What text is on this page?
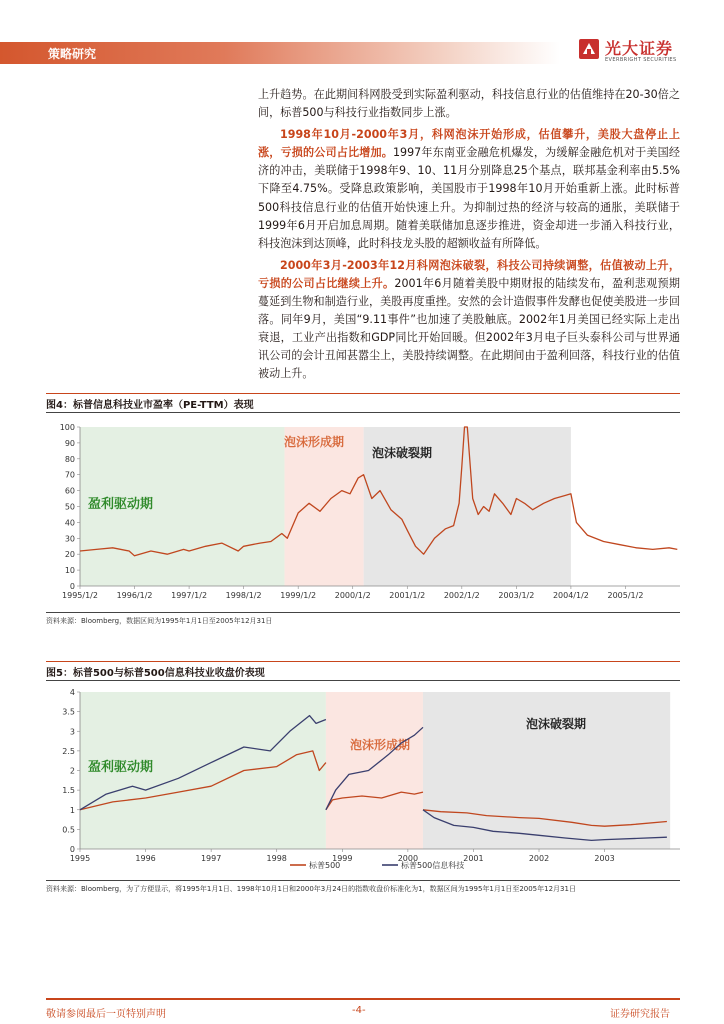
策略研究	光大证券
EVERBRIGHT SECURITIES

上升趋势。在此期间科网股受到实际盈利驱动，科技信息行业的估值维持在20-30倍之间，标普500与科技行业指数同步上涨。

1998年10月-2000年3月，科网泡沫开始形成，估值攀升，美股大盘停止上涨，亏损的公司占比增加。1997年东南亚金融危机爆发，为缓解金融危机对于美国经济的冲击，美联储于1998年9、10、11月分别降息25个基点，联邦基金利率由5.5%下降至4.75%。受降息政策影响，美国股市于1998年10月开始重新上涨。此时标普500科技信息行业的估值开始快速上升。为抑制过热的经济与较高的通胀，美联储于1999年6月开启加息周期。随着美联储加息逐步推进，资金却进一步涌入科技行业，科技泡沫到达顶峰，此时科技龙头股的超额收益有所降低。

2000年3月-2003年12月科网泡沫破裂，科技公司持续调整，估值被动上升，亏损的公司占比继续上升。2001年6月随着美股中期财报的陆续发布，盈利悲观预期蔓延到生物和制造行业，美股再度重挫。安然的会计造假事件发酵也促使美股进一步回落。同年9月，美国“9.11事件”也加速了美股触底。2002年1月美国已经实际上走出衰退，工业产出指数和GDP同比开始回暖。但2002年3月电子巨头泰科公司与世界通讯公司的会计丑闻甚嚣尘上，美股持续调整。在此期间由于盈利回落，科技行业的估值被动上升。

图4：标普信息科技业市盈率（PE-TTM）表现
0
10
20
30
40
50
60
70
80
90
100
1995/1/2 1996/1/2 1997/1/2 1998/1/2 1999/1/2 2000/1/2 2001/1/2 2002/1/2 2003/1/2 2004/1/2 2005/1/2
盈利驱动期
泡沫形成期
泡沫破裂期
资料来源：Bloomberg，数据区间为1995年1月1日至2005年12月31日
图5：标普500与标普500信息科技业收盘价表现
0
0.5
1
1.5
2
2.5
3
3.5
4
1995	1996	1997	1998	1999	2000	2001	2002	2003
盈利驱动期
泡沫形成期
泡沫破裂期
标普500	标普500信息科技
资料来源：Bloomberg，为了方便显示，将1995年1月1日、1998年10月1日和2000年3月24日的指数收盘价标准化为1，数据区间为1995年1月1日至2005年12月31日
敬请参阅最后一页特别声明	-4-	证券研究报告
